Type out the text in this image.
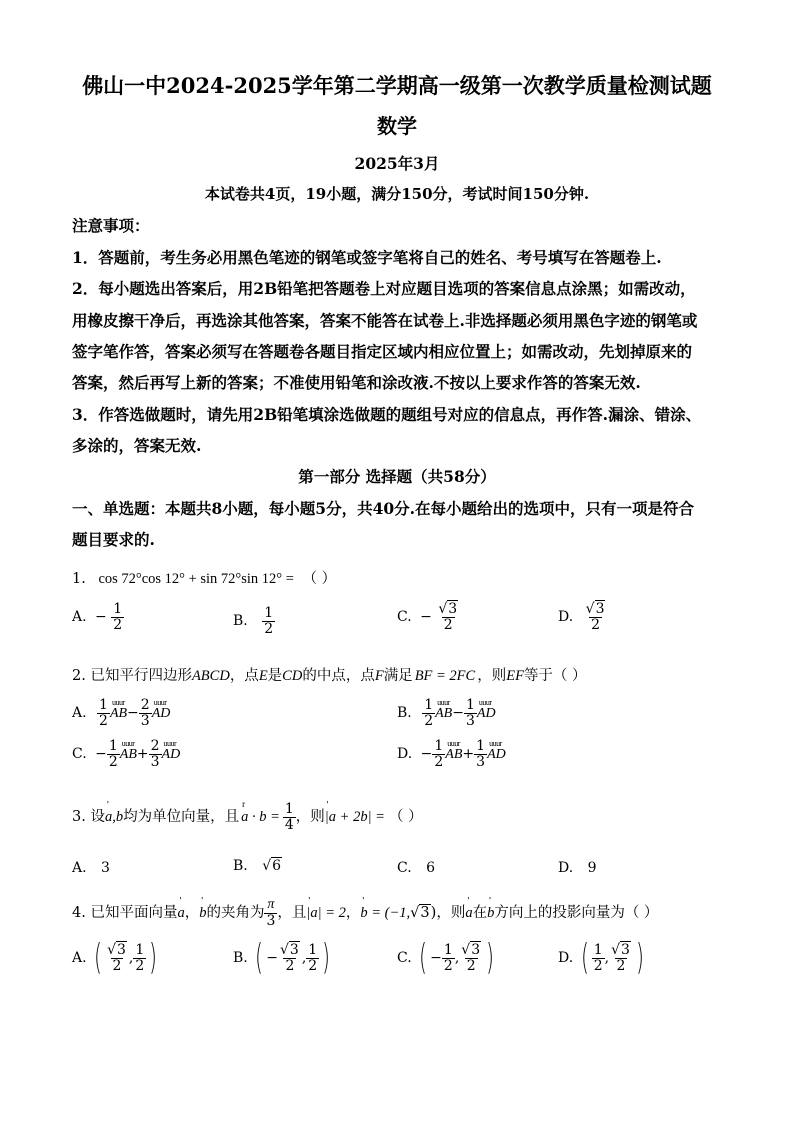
佛山一中2024-2025学年第二学期高一级第一次教学质量检测试题
数学
2025年3月
本试卷共4页，19小题，满分150分，考试时间150分钟.
注意事项：
1．答题前，考生务必用黑色笔迹的钢笔或签字笔将自己的姓名、考号填写在答题卷上.
2．每小题选出答案后，用2B铅笔把答题卷上对应题目选项的答案信息点涂黑；如需改动，
用橡皮擦干净后，再选涂其他答案，答案不能答在试卷上.非选择题必须用黑色字迹的钢笔或
签字笔作答，答案必须写在答题卷各题目指定区域内相应位置上；如需改动，先划掉原来的
答案，然后再写上新的答案；不准使用铅笔和涂改液.不按以上要求作答的答案无效.
3．作答选做题时，请先用2B铅笔填涂选做题的题组号对应的信息点，再作答.漏涂、错涂、
多涂的，答案无效.
第一部分 选择题（共58分）
一、单选题：本题共8小题，每小题5分，共40分.在每小题给出的选项中，只有一项是符合
题目要求的.
1. cos 72°cos 12° + sin 72°sin 12° = （ ）
A. − $\frac{1}{2}$	B. $\frac{1}{2}$	C. − $\frac{√3}{2}$	D. $\frac{√3}{2}$
2. 已知平行四边形ABCD，点E是CD的中点，点F满足 BF = 2FC ，则EF等于（ ）
A. $\frac{1}{2}$ uuur $AB- \frac{2}{3}$ uuur AD	B. $\frac{1}{2}$ uuur $AB- \frac{1}{3}$ uuur AD
C. − $\frac{1}{2}$ uuur $AB+ \frac{2}{3}$ uuur AD	D. − $\frac{1}{2}$ uuur $AB+ \frac{1}{3}$ uuur AD
3. 设' a,b均为单位向量，且 r $a \cdot b = \frac{1}{4}$ ，则' |a + 2b| = （ ）
A. 3	B. √6	C. 6	D. 9
4. 已知平面向量' a，' b的夹角为 $\frac{\pi}{3}$ ，且' |a| = 2，' b = (−1,√3)，则' a在' b方向上的投影向量为（ ）
A. ( $\frac{√3}{2}$ , $\frac{1}{2}$ )	B. ( − $\frac{√3}{2}$ , $\frac{1}{2}$ )	C. ( − $\frac{1}{2}$ , $\frac{√3}{2}$ )	D. ( $\frac{1}{2}$ , $\frac{√3}{2}$ )
